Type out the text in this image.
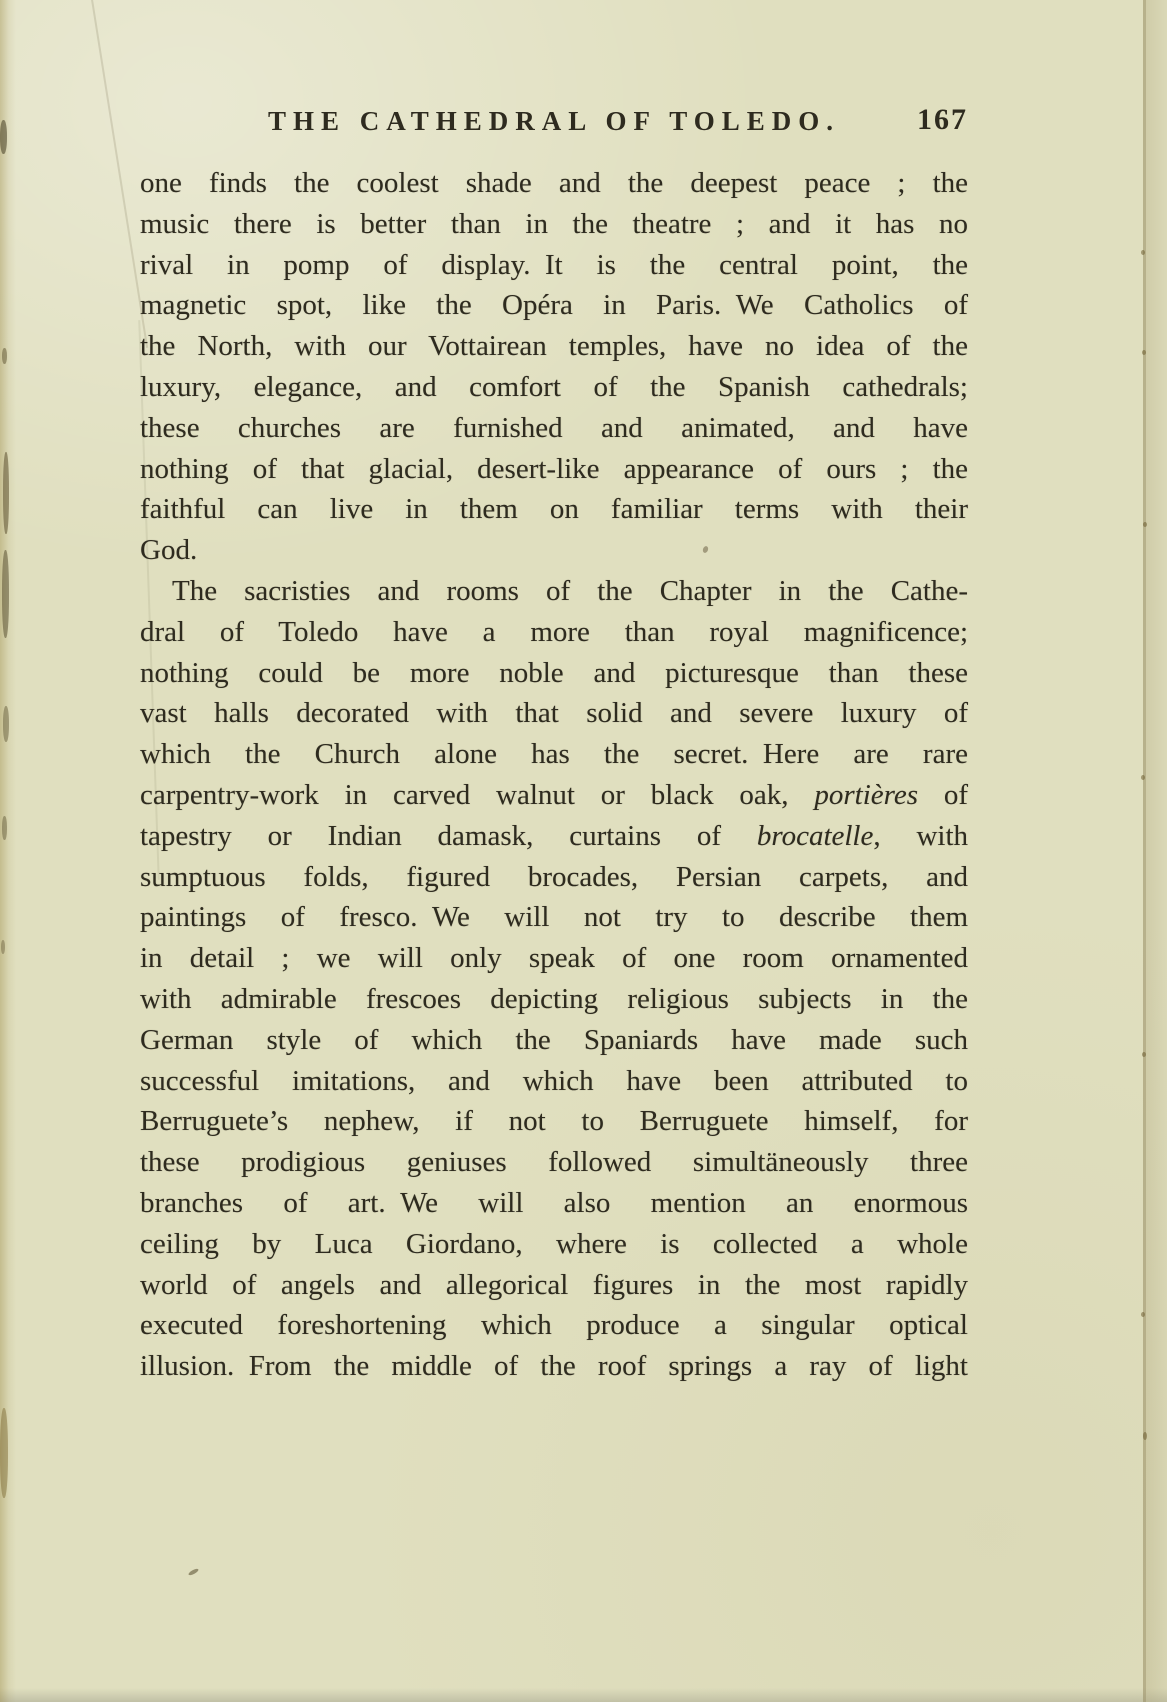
THE CATHEDRAL OF TOLEDO.	167
one finds the coolest shade and the deepest peace ; the
music there is better than in the theatre ; and it has no
rival in pomp of display. It is the central point, the
magnetic spot, like the Opéra in Paris. We Catholics of
the North, with our Vottairean temples, have no idea of the
luxury, elegance, and comfort of the Spanish cathedrals;
these churches are furnished and animated, and have
nothing of that glacial, desert-like appearance of ours ; the
faithful can live in them on familiar terms with their
God.
The sacristies and rooms of the Chapter in the Cathe-
dral of Toledo have a more than royal magnificence;
nothing could be more noble and picturesque than these
vast halls decorated with that solid and severe luxury of
which the Church alone has the secret. Here are rare
carpentry-work in carved walnut or black oak, portières of
tapestry or Indian damask, curtains of brocatelle, with
sumptuous folds, figured brocades, Persian carpets, and
paintings of fresco. We will not try to describe them
in detail ; we will only speak of one room ornamented
with admirable frescoes depicting religious subjects in the
German style of which the Spaniards have made such
successful imitations, and which have been attributed to
Berruguete’s nephew, if not to Berruguete himself, for
these prodigious geniuses followed simultäneously three
branches of art. We will also mention an enormous
ceiling by Luca Giordano, where is collected a whole
world of angels and allegorical figures in the most rapidly
executed foreshortening which produce a singular optical
illusion. From the middle of the roof springs a ray of light
